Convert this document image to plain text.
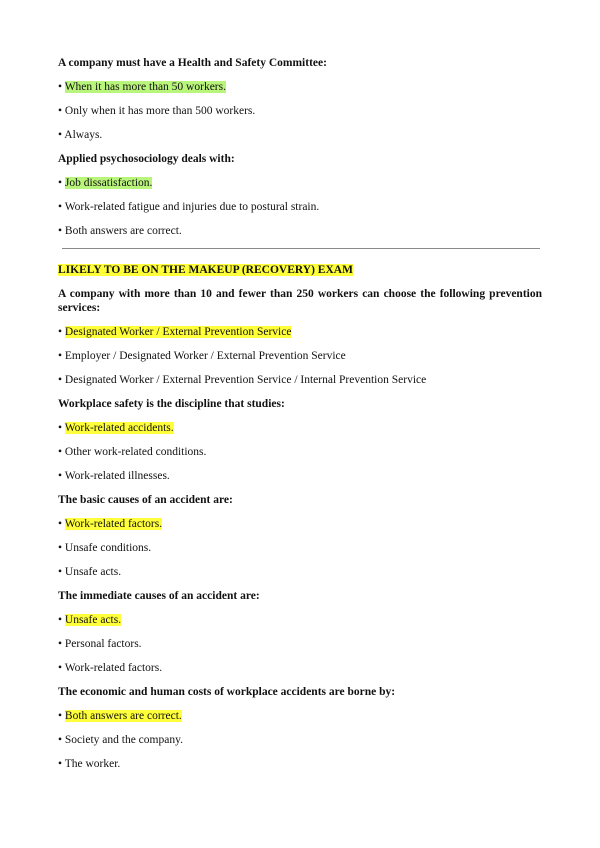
A company must have a Health and Safety Committee:

• When it has more than 50 workers.

• Only when it has more than 500 workers.

• Always.

Applied psychosociology deals with:

• Job dissatisfaction.

• Work-related fatigue and injuries due to postural strain.

• Both answers are correct.

LIKELY TO BE ON THE MAKEUP (RECOVERY) EXAM

A company with more than 10 and fewer than 250 workers can choose the following prevention services:

• Designated Worker / External Prevention Service

• Employer / Designated Worker / External Prevention Service

• Designated Worker / External Prevention Service / Internal Prevention Service

Workplace safety is the discipline that studies:

• Work-related accidents.

• Other work-related conditions.

• Work-related illnesses.

The basic causes of an accident are:

• Work-related factors.

• Unsafe conditions.

• Unsafe acts.

The immediate causes of an accident are:

• Unsafe acts.

• Personal factors.

• Work-related factors.

The economic and human costs of workplace accidents are borne by:

• Both answers are correct.

• Society and the company.

• The worker.
